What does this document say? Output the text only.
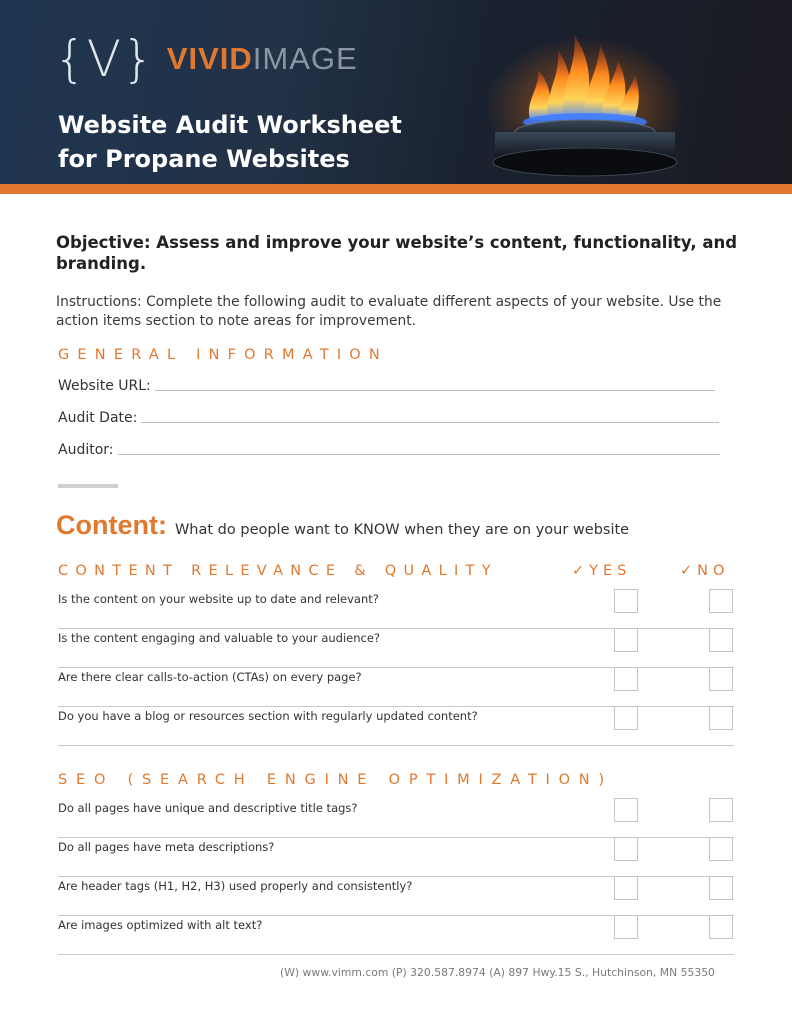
{V} VIVID IMAGE
Website Audit Worksheet
for Propane Websites
Objective: Assess and improve your website’s content, functionality, and branding.
Instructions: Complete the following audit to evaluate different aspects of your website. Use the action items section to note areas for improvement.
GENERAL INFORMATION
Website URL:
Audit Date:
Auditor:
Content: What do people want to KNOW when they are on your website
CONTENT RELEVANCE & QUALITY	✓YES	✓NO
Is the content on your website up to date and relevant?
Is the content engaging and valuable to your audience?
Are there clear calls-to-action (CTAs) on every page?
Do you have a blog or resources section with regularly updated content?
SEO (SEARCH ENGINE OPTIMIZATION)
Do all pages have unique and descriptive title tags?
Do all pages have meta descriptions?
Are header tags (H1, H2, H3) used properly and consistently?
Are images optimized with alt text?
(W) www.vimm.com (P) 320.587.8974 (A) 897 Hwy.15 S., Hutchinson, MN 55350
